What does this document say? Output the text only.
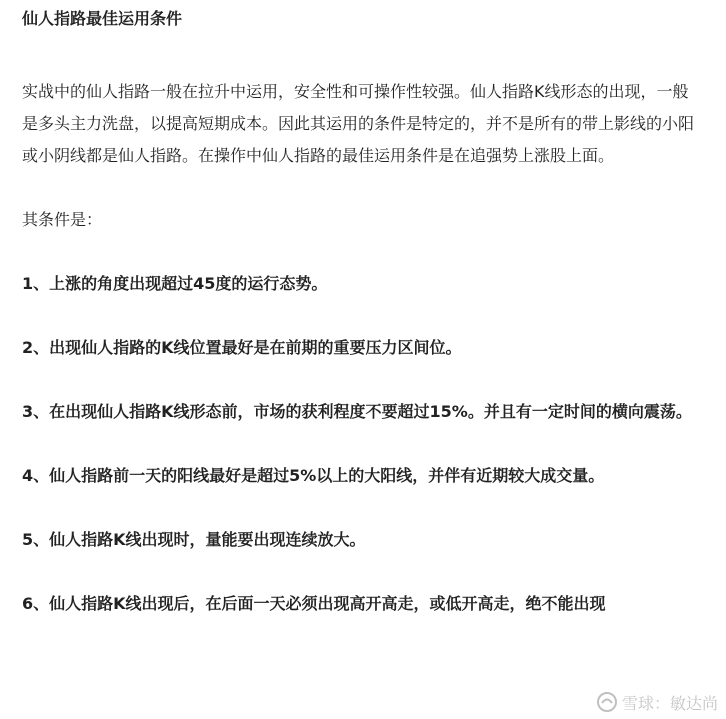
仙人指路最佳运用条件

实战中的仙人指路一般在拉升中运用，安全性和可操作性较强。仙人指路K线形态的出现，一般是多头主力洗盘，以提高短期成本。因此其运用的条件是特定的，并不是所有的带上影线的小阳或小阴线都是仙人指路。在操作中仙人指路的最佳运用条件是在追强势上涨股上面。

其条件是：

1、上涨的角度出现超过45度的运行态势。

2、出现仙人指路的K线位置最好是在前期的重要压力区间位。

3、在出现仙人指路K线形态前，市场的获利程度不要超过15%。并且有一定时间的横向震荡。

4、仙人指路前一天的阳线最好是超过5%以上的大阳线，并伴有近期较大成交量。

5、仙人指路K线出现时，量能要出现连续放大。

6、仙人指路K线出现后，在后面一天必须出现高开高走，或低开高走，绝不能出现

雪球：敏达尚
